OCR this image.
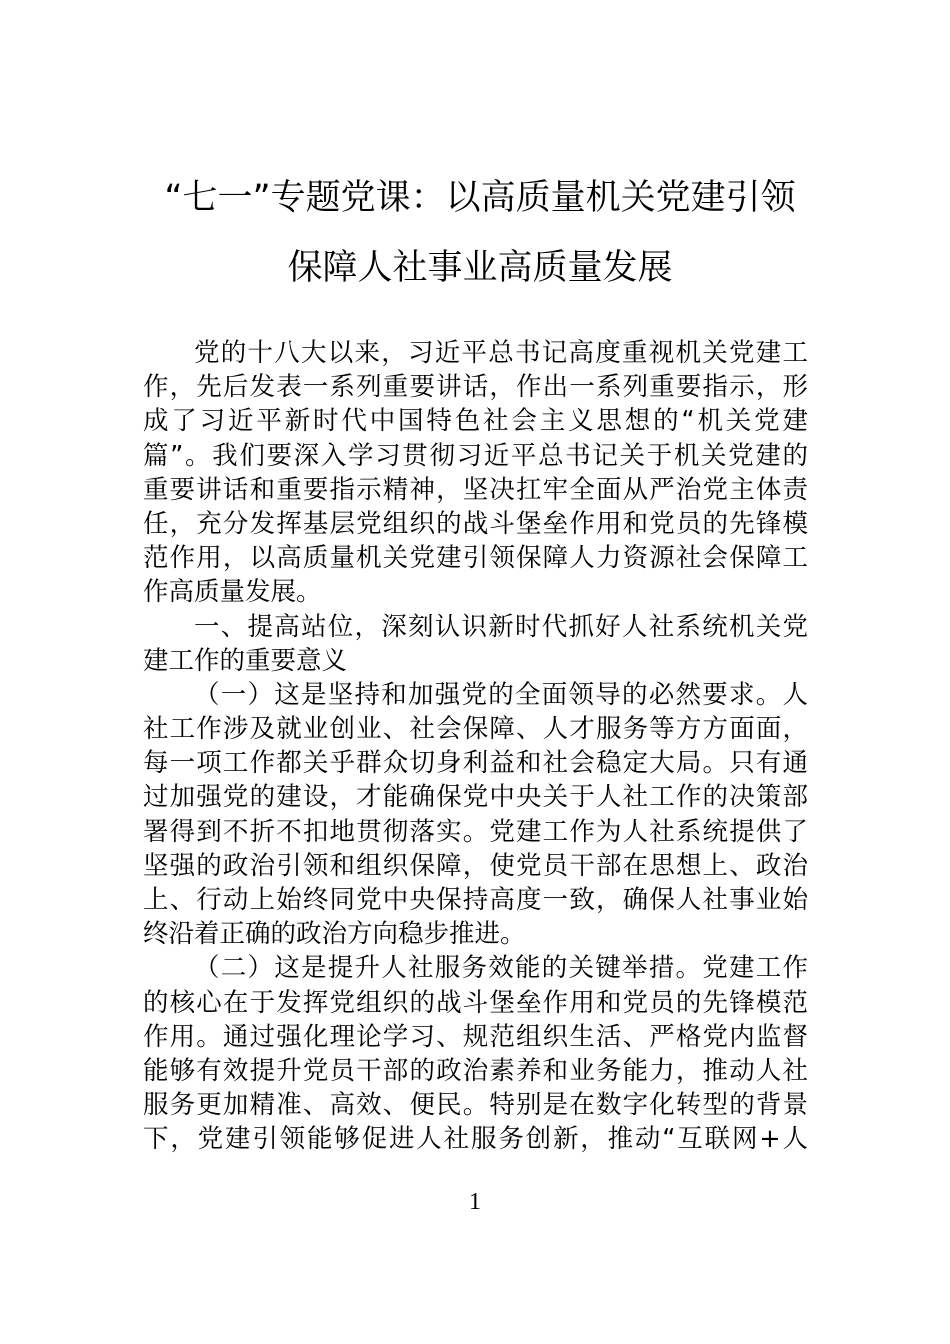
“七一”专题党课：以高质量机关党建引领
保障人社事业高质量发展
党的十八大以来，习近平总书记高度重视机关党建工
作，先后发表一系列重要讲话，作出一系列重要指示，形
成了习近平新时代中国特色社会主义思想的“机关党建
篇”。我们要深入学习贯彻习近平总书记关于机关党建的
重要讲话和重要指示精神，坚决扛牢全面从严治党主体责
任，充分发挥基层党组织的战斗堡垒作用和党员的先锋模
范作用，以高质量机关党建引领保障人力资源社会保障工
作高质量发展。
一、提高站位，深刻认识新时代抓好人社系统机关党
建工作的重要意义
（一）这是坚持和加强党的全面领导的必然要求。人
社工作涉及就业创业、社会保障、人才服务等方方面面，
每一项工作都关乎群众切身利益和社会稳定大局。只有通
过加强党的建设，才能确保党中央关于人社工作的决策部
署得到不折不扣地贯彻落实。党建工作为人社系统提供了
坚强的政治引领和组织保障，使党员干部在思想上、政治
上、行动上始终同党中央保持高度一致，确保人社事业始
终沿着正确的政治方向稳步推进。
（二）这是提升人社服务效能的关键举措。党建工作
的核心在于发挥党组织的战斗堡垒作用和党员的先锋模范
作用。通过强化理论学习、规范组织生活、严格党内监督
能够有效提升党员干部的政治素养和业务能力，推动人社
服务更加精准、高效、便民。特别是在数字化转型的背景
下，党建引领能够促进人社服务创新，推动“互联网+人
1
